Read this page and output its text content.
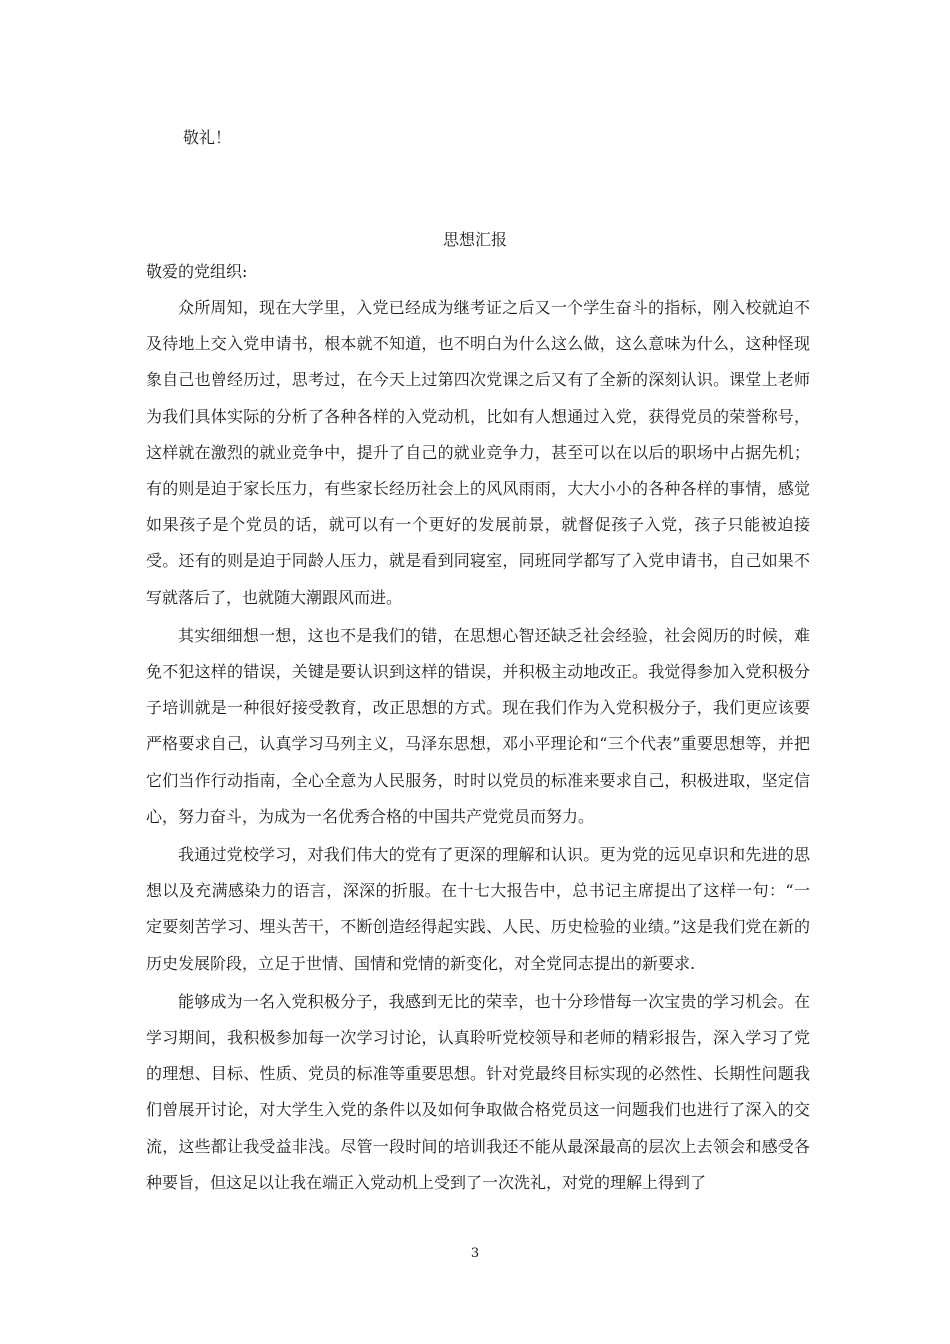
敬礼！

思想汇报

敬爱的党组织:

众所周知，现在大学里，入党已经成为继考证之后又一个学生奋斗的指标，刚入校就迫不及待地上交入党申请书，根本就不知道，也不明白为什么这么做，这么意味为什么，这种怪现象自己也曾经历过，思考过，在今天上过第四次党课之后又有了全新的深刻认识。课堂上老师为我们具体实际的分析了各种各样的入党动机，比如有人想通过入党，获得党员的荣誉称号，这样就在激烈的就业竞争中，提升了自己的就业竞争力，甚至可以在以后的职场中占据先机；有的则是迫于家长压力，有些家长经历社会上的风风雨雨，大大小小的各种各样的事情，感觉如果孩子是个党员的话，就可以有一个更好的发展前景，就督促孩子入党，孩子只能被迫接受。还有的则是迫于同龄人压力，就是看到同寝室，同班同学都写了入党申请书，自己如果不写就落后了，也就随大潮跟风而进。

其实细细想一想，这也不是我们的错，在思想心智还缺乏社会经验，社会阅历的时候，难免不犯这样的错误，关键是要认识到这样的错误，并积极主动地改正。我觉得参加入党积极分子培训就是一种很好接受教育，改正思想的方式。现在我们作为入党积极分子，我们更应该要严格要求自己，认真学习马列主义，马泽东思想，邓小平理论和“三个代表”重要思想等，并把它们当作行动指南，全心全意为人民服务，时时以党员的标准来要求自己，积极进取，坚定信心，努力奋斗，为成为一名优秀合格的中国共产党党员而努力。

我通过党校学习，对我们伟大的党有了更深的理解和认识。更为党的远见卓识和先进的思想以及充满感染力的语言，深深的折服。在十七大报告中，总书记主席提出了这样一句：“一定要刻苦学习、埋头苦干，不断创造经得起实践、人民、历史检验的业绩。”这是我们党在新的历史发展阶段，立足于世情、国情和党情的新变化，对全党同志提出的新要求.

能够成为一名入党积极分子，我感到无比的荣幸，也十分珍惜每一次宝贵的学习机会。在学习期间，我积极参加每一次学习讨论，认真聆听党校领导和老师的精彩报告，深入学习了党的理想、目标、性质、党员的标准等重要思想。针对党最终目标实现的必然性、长期性问题我们曾展开讨论，对大学生入党的条件以及如何争取做合格党员这一问题我们也进行了深入的交流，这些都让我受益非浅。尽管一段时间的培训我还不能从最深最高的层次上去领会和感受各种要旨，但这足以让我在端正入党动机上受到了一次洗礼，对党的理解上得到了

3
